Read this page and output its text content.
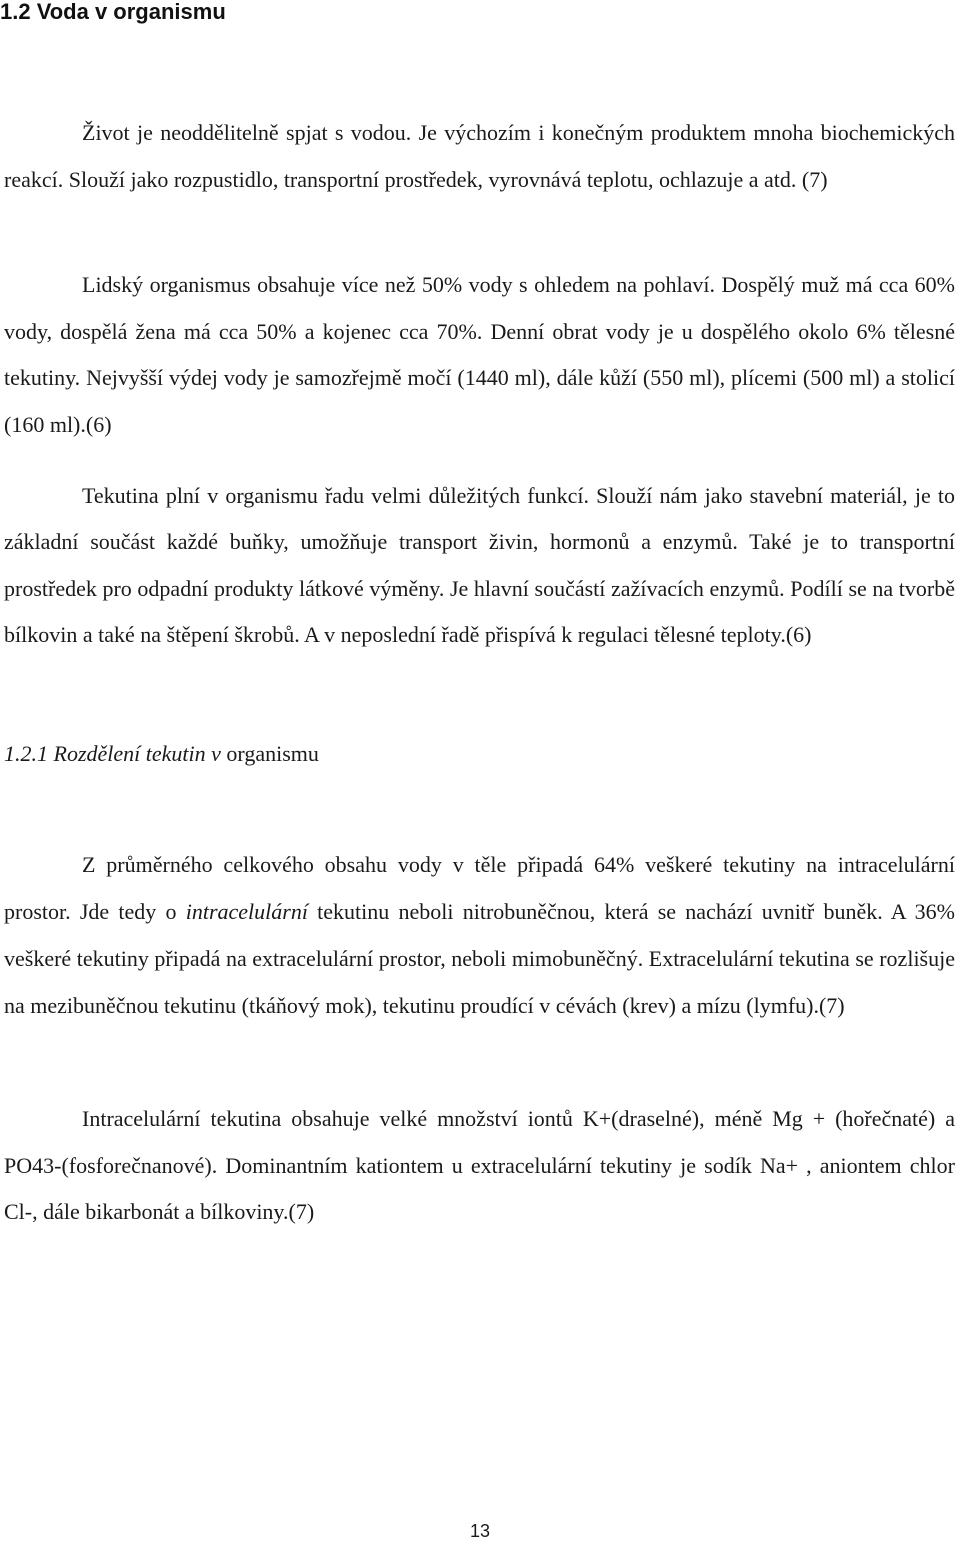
1.2 Voda v organismu

Život je neoddělitelně spjat s vodou. Je výchozím i konečným produktem mnoha biochemických reakcí. Slouží jako rozpustidlo, transportní prostředek, vyrovnává teplotu, ochlazuje a atd. (7)

Lidský organismus obsahuje více než 50% vody s ohledem na pohlaví. Dospělý muž má cca 60% vody, dospělá žena má cca 50% a kojenec cca 70%. Denní obrat vody je u dospělého okolo 6% tělesné tekutiny. Nejvyšší výdej vody je samozřejmě močí (1440 ml), dále kůží (550 ml), plícemi (500 ml) a stolicí (160 ml).(6)

Tekutina plní v organismu řadu velmi důležitých funkcí. Slouží nám jako stavební materiál, je to základní součást každé buňky, umožňuje transport živin, hormonů a enzymů. Také je to transportní prostředek pro odpadní produkty látkové výměny. Je hlavní součástí zažívacích enzymů. Podílí se na tvorbě bílkovin a také na štěpení škrobů. A v neposlední řadě přispívá k regulaci tělesné teploty.(6)

1.2.1 Rozdělení tekutin v organismu

Z průměrného celkového obsahu vody v těle připadá 64% veškeré tekutiny na intracelulární prostor. Jde tedy o intracelulární tekutinu neboli nitrobuněčnou, která se nachází uvnitř buněk. A 36% veškeré tekutiny připadá na extracelulární prostor, neboli mimobuněčný. Extracelulární tekutina se rozlišuje na mezibuněčnou tekutinu (tkáňový mok), tekutinu proudící v cévách (krev) a mízu (lymfu).(7)

Intracelulární tekutina obsahuje velké množství iontů K+(draselné), méně Mg + (hořečnaté) a PO43-(fosforečnanové). Dominantním kationtem u extracelulární tekutiny je sodík Na+ , aniontem chlor Cl-, dále bikarbonát a bílkoviny.(7)

13
